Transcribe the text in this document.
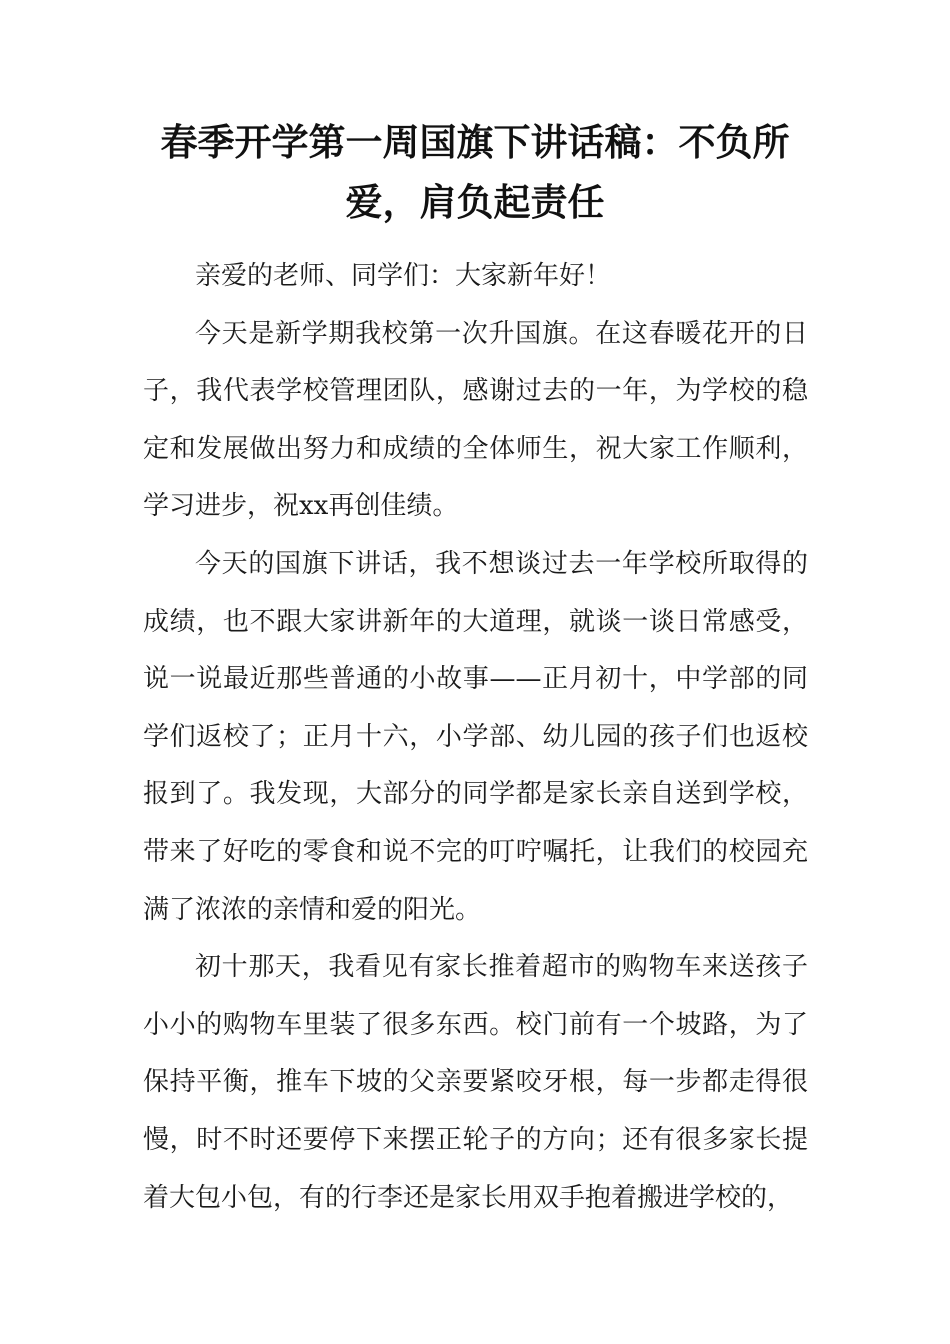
春季开学第一周国旗下讲话稿：不负所爱，肩负起责任

亲爱的老师、同学们：大家新年好！

今天是新学期我校第一次升国旗。在这春暖花开的日子，我代表学校管理团队，感谢过去的一年，为学校的稳定和发展做出努力和成绩的全体师生，祝大家工作顺利，学习进步，祝xx再创佳绩。

今天的国旗下讲话，我不想谈过去一年学校所取得的成绩，也不跟大家讲新年的大道理，就谈一谈日常感受，说一说最近那些普通的小故事——正月初十，中学部的同学们返校了；正月十六，小学部、幼儿园的孩子们也返校报到了。我发现，大部分的同学都是家长亲自送到学校，带来了好吃的零食和说不完的叮咛嘱托，让我们的校园充满了浓浓的亲情和爱的阳光。

初十那天，我看见有家长推着超市的购物车来送孩子小小的购物车里装了很多东西。校门前有一个坡路，为了保持平衡，推车下坡的父亲要紧咬牙根，每一步都走得很慢，时不时还要停下来摆正轮子的方向；还有很多家长提着大包小包，有的行李还是家长用双手抱着搬进学校的，
